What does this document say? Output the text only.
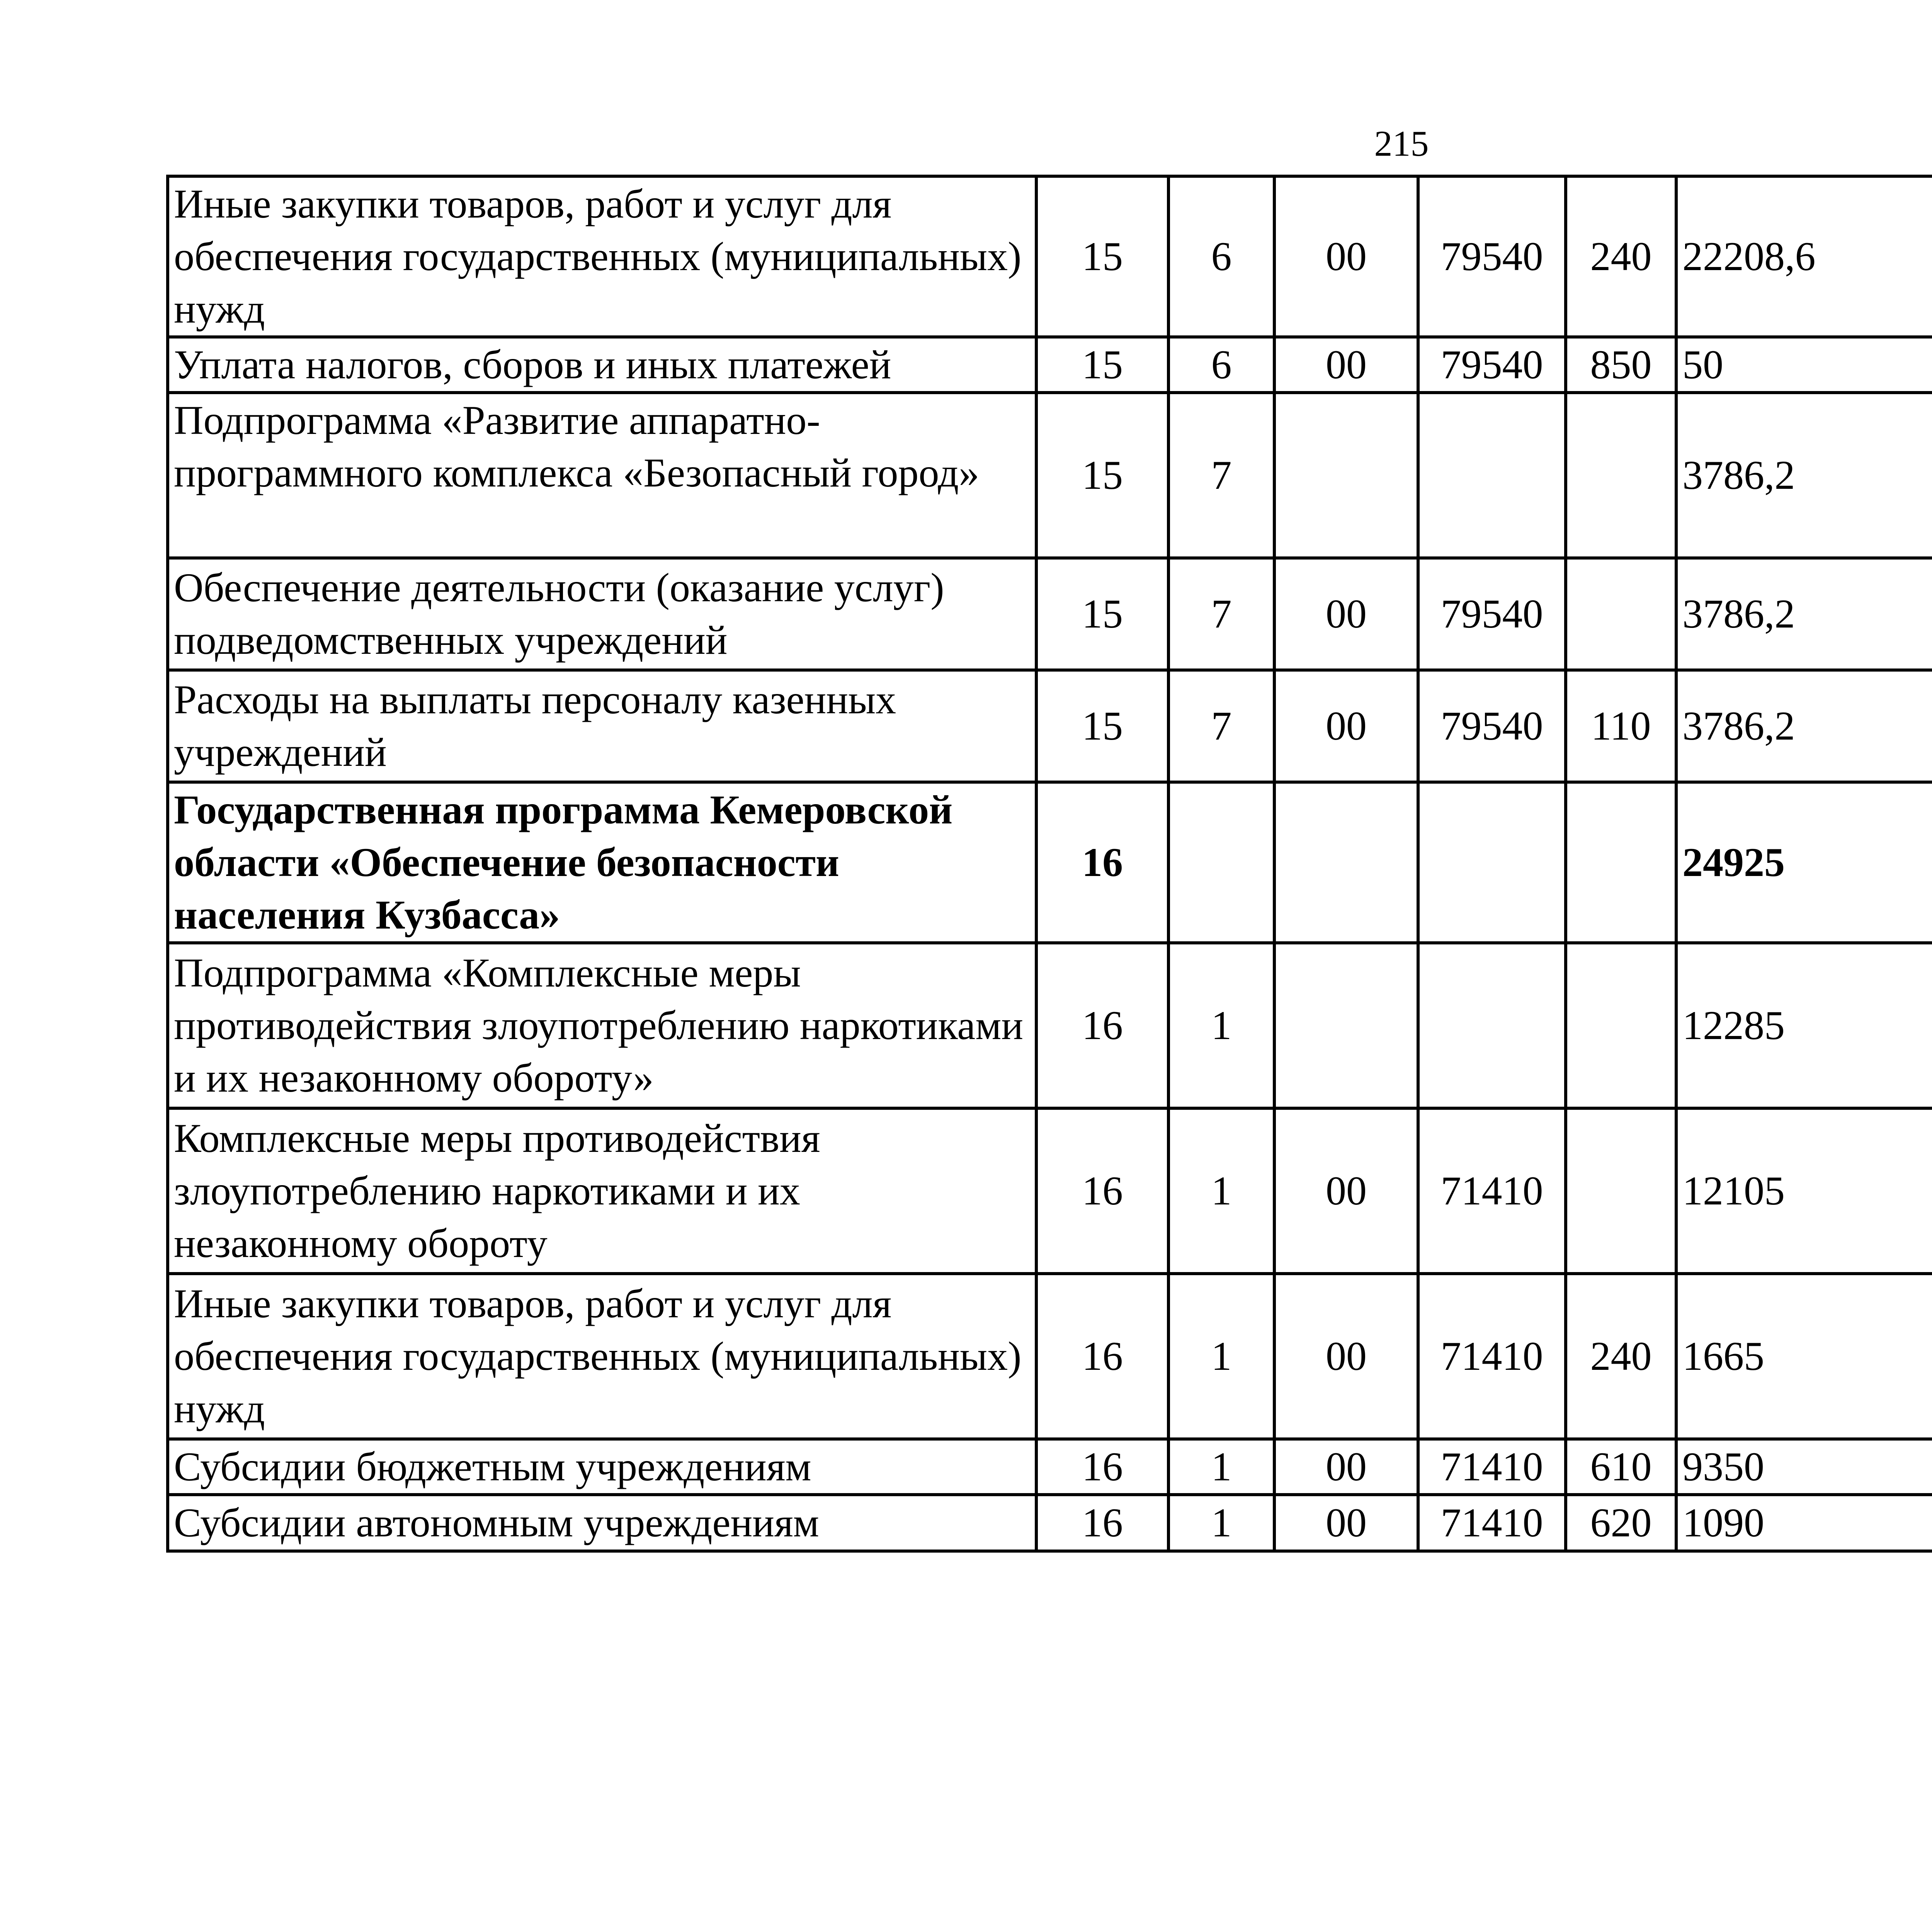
215
Иные закупки товаров, работ и услуг для обеспечения государственных (муниципальных) нужд	15	6	00	79540	240	22208,6		
Уплата налогов, сборов и иных платежей	15	6	00	79540	850	50		
Подпрограмма «Развитие аппаратно-программного комплекса «Безопасный город»	15	7				3786,2		
Обеспечение деятельности (оказание услуг) подведомственных учреждений	15	7	00	79540		3786,2		
Расходы на выплаты персоналу казенных учреждений	15	7	00	79540	110	3786,2		
Государственная программа Кемеровской области «Обеспечение безопасности населения Кузбасса»	16					24925		
Подпрограмма «Комплексные меры противодействия злоупотреблению наркотиками и их незаконному обороту»	16	1				12285		
Комплексные меры противодействия злоупотреблению наркотиками и их незаконному обороту	16	1	00	71410		12105		
Иные закупки товаров, работ и услуг для обеспечения государственных (муниципальных) нужд	16	1	00	71410	240	1665		
Субсидии бюджетным учреждениям	16	1	00	71410	610	9350		
Субсидии автономным учреждениям	16	1	00	71410	620	1090		
